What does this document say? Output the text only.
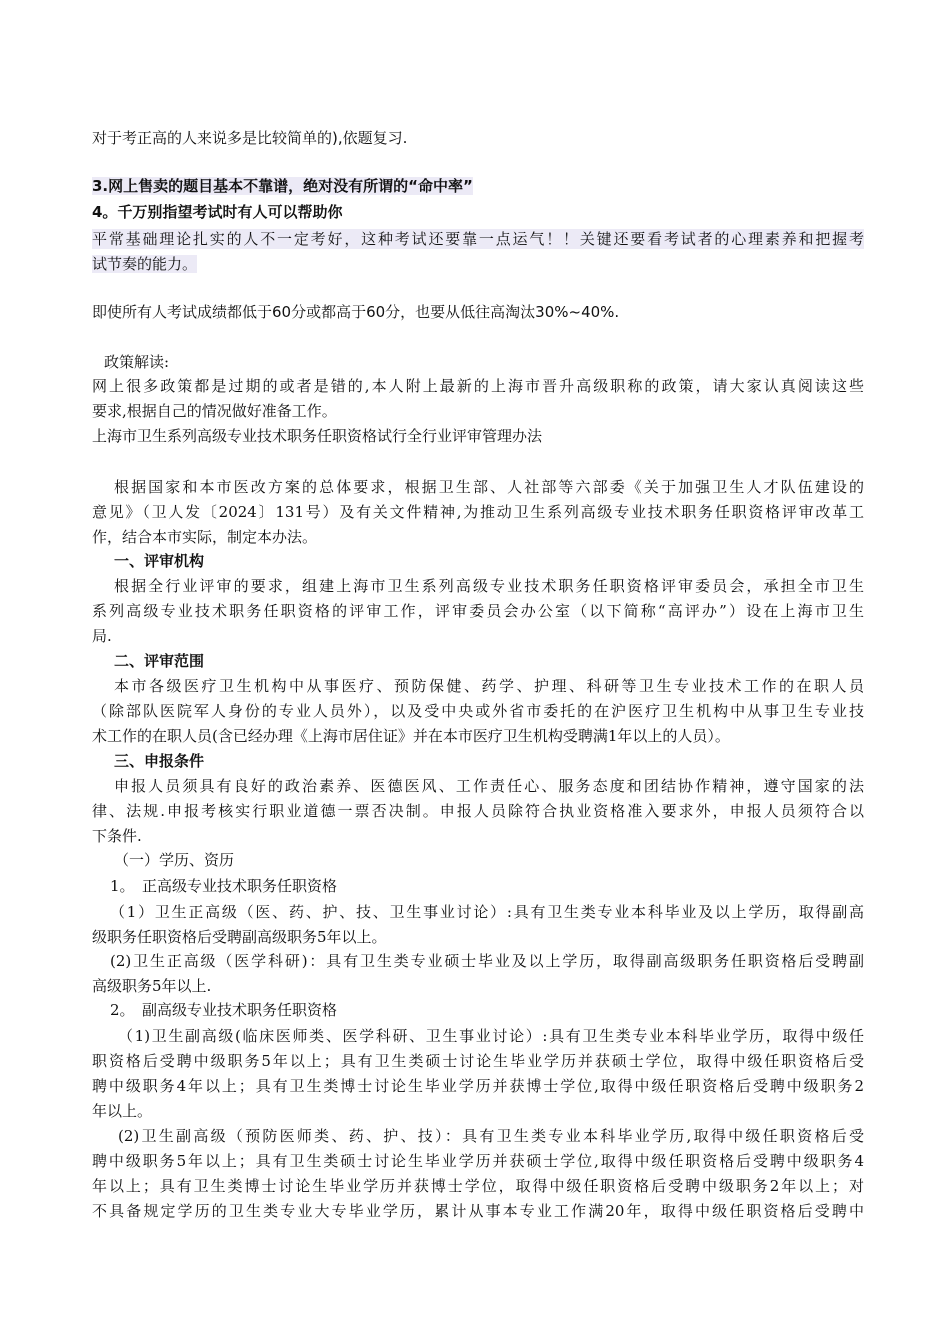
对于考正高的人来说多是比较简单的),依题复习.
3.网上售卖的题目基本不靠谱，绝对没有所谓的“命中率”
4。千万别指望考试时有人可以帮助你
平常基础理论扎实的人不一定考好，这种考试还要靠一点运气！！关键还要看考试者的心理素养和把握考
试节奏的能力。
即使所有人考试成绩都低于60分或都高于60分，也要从低往高淘汰30%~40%.
政策解读:
网上很多政策都是过期的或者是错的,本人附上最新的上海市晋升高级职称的政策，请大家认真阅读这些
要求,根据自己的情况做好准备工作。
上海市卫生系列高级专业技术职务任职资格试行全行业评审管理办法
根据国家和本市医改方案的总体要求，根据卫生部、人社部等六部委《关于加强卫生人才队伍建设的
意见》（卫人发〔2024〕131号）及有关文件精神,为推动卫生系列高级专业技术职务任职资格评审改革工
作，结合本市实际，制定本办法。
一、评审机构
根据全行业评审的要求，组建上海市卫生系列高级专业技术职务任职资格评审委员会，承担全市卫生
系列高级专业技术职务任职资格的评审工作，评审委员会办公室（以下简称“高评办”）设在上海市卫生
局.
二、评审范围
本市各级医疗卫生机构中从事医疗、预防保健、药学、护理、科研等卫生专业技术工作的在职人员
（除部队医院军人身份的专业人员外），以及受中央或外省市委托的在沪医疗卫生机构中从事卫生专业技
术工作的在职人员(含已经办理《上海市居住证》并在本市医疗卫生机构受聘满1年以上的人员）。
三、申报条件
申报人员须具有良好的政治素养、医德医风、工作责任心、服务态度和团结协作精神，遵守国家的法
律、法规.申报考核实行职业道德一票否决制。申报人员除符合执业资格准入要求外，申报人员须符合以
下条件.
（一）学历、资历
1。　正高级专业技术职务任职资格
（1）卫生正高级（医、药、护、技、卫生事业讨论）:具有卫生类专业本科毕业及以上学历，取得副高
级职务任职资格后受聘副高级职务5年以上。
(2)卫生正高级（医学科研)：具有卫生类专业硕士毕业及以上学历，取得副高级职务任职资格后受聘副
高级职务5年以上.
2。　副高级专业技术职务任职资格
（1)卫生副高级(临床医师类、医学科研、卫生事业讨论）:具有卫生类专业本科毕业学历，取得中级任
职资格后受聘中级职务5年以上；具有卫生类硕士讨论生毕业学历并获硕士学位，取得中级任职资格后受
聘中级职务4年以上；具有卫生类博士讨论生毕业学历并获博士学位,取得中级任职资格后受聘中级职务2
年以上。
(2)卫生副高级（预防医师类、药、护、技）：具有卫生类专业本科毕业学历,取得中级任职资格后受
聘中级职务5年以上；具有卫生类硕士讨论生毕业学历并获硕士学位,取得中级任职资格后受聘中级职务4
年以上；具有卫生类博士讨论生毕业学历并获博士学位，取得中级任职资格后受聘中级职务2年以上；对
不具备规定学历的卫生类专业大专毕业学历，累计从事本专业工作满20年，取得中级任职资格后受聘中
